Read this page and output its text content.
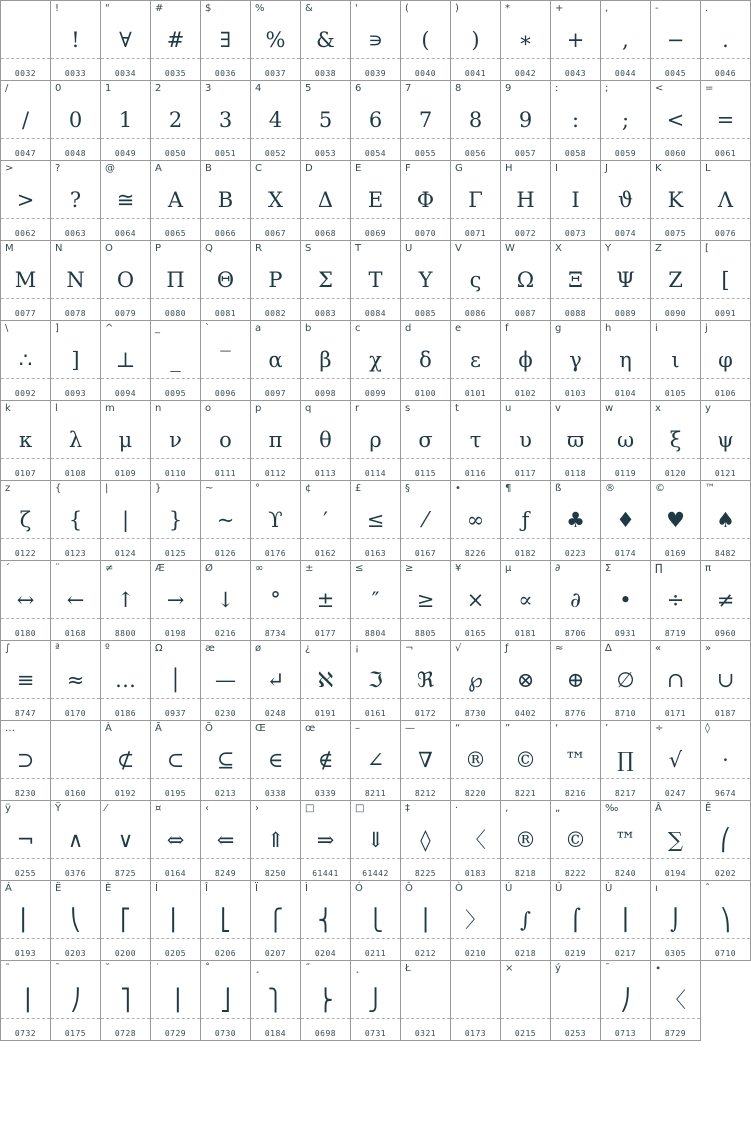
0032
!
!
0033
"
∀
0034
#
#
0035
$
∃
0036
%
%
0037
&
&
0038
'
∍
0039
(
(
0040
)
)
0041
*
∗
0042
+
+
0043
,
,
0044
-
−
0045
.
.
0046
/
/
0047
0
0
0048
1
1
0049
2
2
0050
3
3
0051
4
4
0052
5
5
0053
6
6
0054
7
7
0055
8
8
0056
9
9
0057
:
:
0058
;
;
0059
<
<
0060
=
=
0061
>
>
0062
?
?
0063
@
≅
0064
A
Α
0065
B
Β
0066
C
Χ
0067
D
Δ
0068
E
Ε
0069
F
Φ
0070
G
Γ
0071
H
Η
0072
I
Ι
0073
J
ϑ
0074
K
Κ
0075
L
Λ
0076
M
Μ
0077
N
Ν
0078
O
Ο
0079
P
Π
0080
Q
Θ
0081
R
Ρ
0082
S
Σ
0083
T
Τ
0084
U
Υ
0085
V
ς
0086
W
Ω
0087
X
Ξ
0088
Y
Ψ
0089
Z
Ζ
0090
[
[
0091
\
∴
0092
]
]
0093
^
⊥
0094
_
_
0095
`
‾
0096
a
α
0097
b
β
0098
c
χ
0099
d
δ
0100
e
ε
0101
f
ϕ
0102
g
γ
0103
h
η
0104
i
ι
0105
j
φ
0106
k
κ
0107
l
λ
0108
m
μ
0109
n
ν
0110
o
ο
0111
p
π
0112
q
θ
0113
r
ρ
0114
s
σ
0115
t
τ
0116
u
υ
0117
v
ϖ
0118
w
ω
0119
x
ξ
0120
y
ψ
0121
z
ζ
0122
{
{
0123
|
|
0124
}
}
0125
~
~
0126
°
ϒ
0176
¢
′
0162
£
≤
0163
§
⁄
0167
•
∞
8226
¶
ƒ
0182
ß
♣
0223
®
♦
0174
©
♥
0169
™
♠
8482
´
↔
0180
¨
←
0168
≠
↑
8800
Æ
→
0198
Ø
↓
0216
∞
°
8734
±
±
0177
≤
″
8804
≥
≥
8805
¥
×
0165
µ
∝
0181
∂
∂
8706
Σ
•
0931
∏
÷
8719
π
≠
0960
∫
≡
8747
ª
≈
0170
º
…
0186
Ω
│
0937
æ
—
0230
ø
↵
0248
¿
ℵ
0191
¡
ℑ
0161
¬
ℜ
0172
√
℘
8730
ƒ
⊗
0402
≈
⊕
8776
∆
∅
8710
«
∩
0171
»
∪
0187
…
⊃
8230	0160
À
⊄
0192
Ã
⊂
0195
Õ
⊆
0213
Œ
∈
0338
œ
∉
0339
–
∠
8211
—
∇
8212
“
®
8220
”
©
8221
‘
™
8216
’
∏
8217
÷
√
0247
◊
⋅
9674
ÿ
¬
0255
Ÿ
∧
0376
⁄
∨
8725
¤
⇔
0164
‹
⇐
8249
›
⇑
8250
□
⇒
61441
□
⇓
61442
‡
◊
8225
·
〈
0183
‚
®
8218
„
©
8222
‰
™
8240
Â
∑
0194
Ê
⎛
0202
Á
⎜
0193
Ë
⎝
0203
È
⎡
0200
Í
⎢
0205
Î
⎣
0206
Ï
⎧
0207
Ì
⎨
0204
Ó
⎩
0211
Ô
⎪
0212
Ò
〉
0210
Ú
∫
0218
Û
⌠
0219
Ù
⎮
0217
ı
⌡
0305
ˆ
⎞
0710
˜
⎟
0732
¯
⎠
0175
˘
⎤
0728
˙
⎥
0729
˚
⎦
0730
¸
⎫
0184
˝
⎬
0698
˛
⎭
0731
Ł
0321	0173
×
0215
ý
0253
ˉ
⎠
0713
∙
〈
8729
